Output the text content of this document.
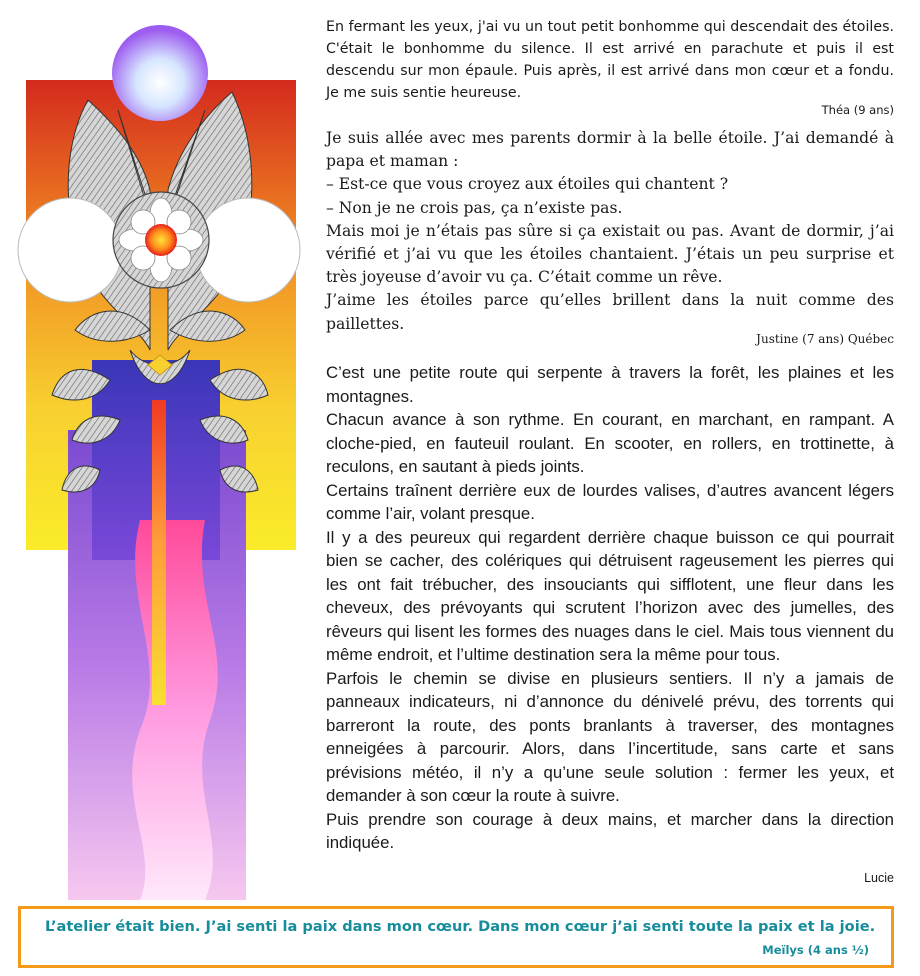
En fermant les yeux, j'ai vu un tout petit bonhomme qui descendait des étoiles. C'était le bonhomme du silence. Il est arrivé en parachute et puis il est descendu sur mon épaule. Puis après, il est arrivé dans mon cœur et a fondu. Je me suis sentie heureuse.

Théa (9 ans)

Je suis allée avec mes parents dormir à la belle étoile. J’ai demandé à papa et maman :

– Est-ce que vous croyez aux étoiles qui chantent ?

– Non je ne crois pas, ça n’existe pas.

Mais moi je n’étais pas sûre si ça existait ou pas. Avant de dormir, j’ai vérifié et j’ai vu que les étoiles chantaient. J’étais un peu surprise et très joyeuse d’avoir vu ça. C’était comme un rêve.

J’aime les étoiles parce qu’elles brillent dans la nuit comme des paillettes.

Justine (7 ans) Québec

C’est une petite route qui serpente à travers la forêt, les plaines et les montagnes.

Chacun avance à son rythme. En courant, en marchant, en rampant. A cloche-pied, en fauteuil roulant. En scooter, en rollers, en trottinette, à reculons, en sautant à pieds joints.

Certains traînent derrière eux de lourdes valises, d’autres avancent légers comme l’air, volant presque.

Il y a des peureux qui regardent derrière chaque buisson ce qui pourrait bien se cacher, des colériques qui détruisent rageusement les pierres qui les ont fait trébucher, des insouciants qui sifflotent, une fleur dans les cheveux, des prévoyants qui scrutent l’horizon avec des jumelles, des rêveurs qui lisent les formes des nuages dans le ciel. Mais tous viennent du même endroit, et l’ultime destination sera la même pour tous.

Parfois le chemin se divise en plusieurs sentiers. Il n’y a jamais de panneaux indicateurs, ni d’annonce du dénivelé prévu, des torrents qui barreront la route, des ponts branlants à traverser, des montagnes enneigées à parcourir. Alors, dans l’incertitude, sans carte et sans prévisions météo, il n’y a qu’une seule solution : fermer les yeux, et demander à son cœur la route à suivre.

Puis prendre son courage à deux mains, et marcher dans la direction indiquée.

Lucie
L’atelier était bien. J’ai senti la paix dans mon cœur. Dans mon cœur j’ai senti toute la paix et la joie.
Meïlys (4 ans ½)
